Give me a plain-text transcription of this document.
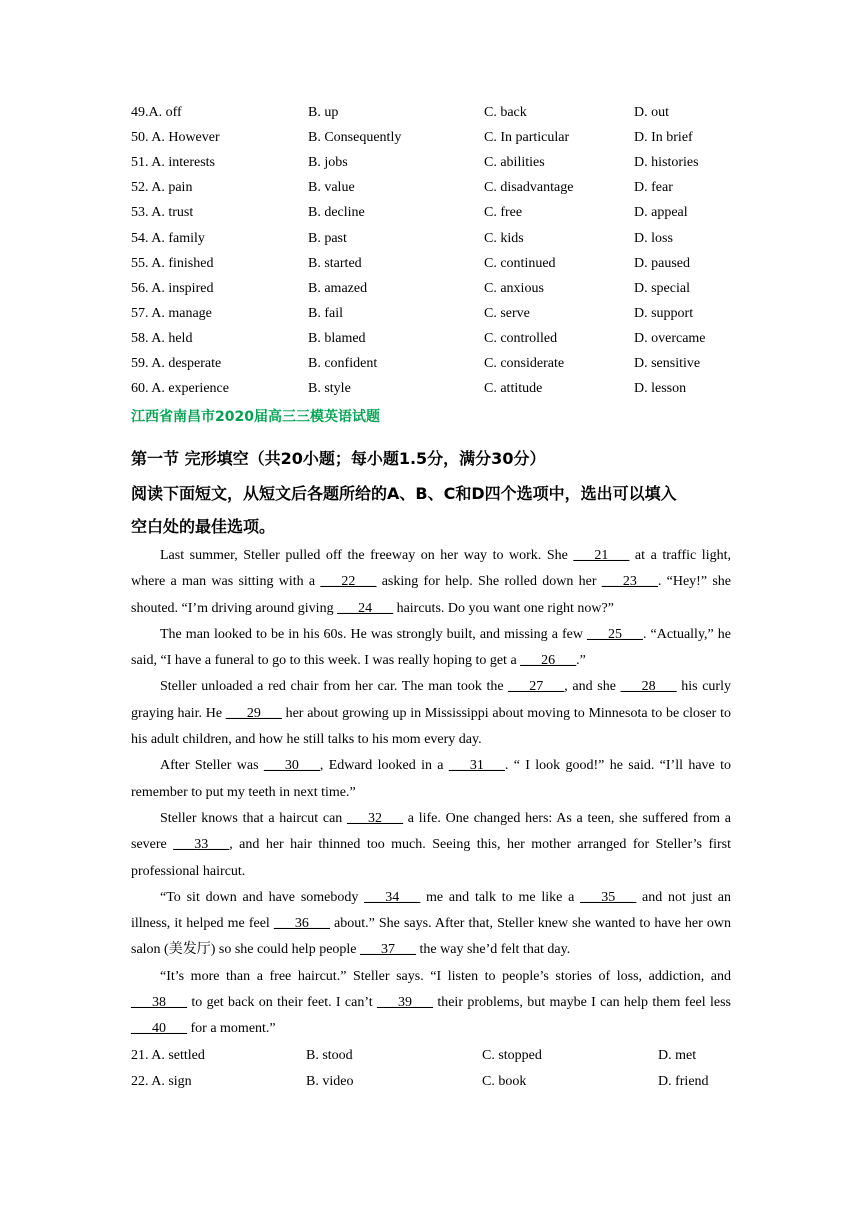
49.A. off	B. up	C. back	D. out
50. A. However	B. Consequently	C. In particular	D. In brief
51. A. interests	B. jobs	C. abilities	D. histories
52. A. pain	B. value	C. disadvantage	D. fear
53. A. trust	B. decline	C. free	D. appeal
54. A. family	B. past	C. kids	D. loss
55. A. finished	B. started	C. continued	D. paused
56. A. inspired	B. amazed	C. anxious	D. special
57. A. manage	B. fail	C. serve	D. support
58. A. held	B. blamed	C. controlled	D. overcame
59. A. desperate	B. confident	C. considerate	D. sensitive
60. A. experience	B. style	C. attitude	D. lesson
江西省南昌市2020届高三三模英语试题
第一节 完形填空（共20小题；每小题1.5分，满分30分）
阅读下面短文，从短文后各题所给的A、B、C和D四个选项中，选出可以填入
空白处的最佳选项。

Last summer, Steller pulled off the freeway on her way to work. She ___21___ at a traffic light, where a man was sitting with a ___22___ asking for help. She rolled down her ___23___. “Hey!” she shouted. “I’m driving around giving ___24___ haircuts. Do you want one right now?”

The man looked to be in his 60s. He was strongly built, and missing a few ___25___. “Actually,” he said, “I have a funeral to go to this week. I was really hoping to get a ___26___.”

Steller unloaded a red chair from her car. The man took the ___27___, and she ___28___ his curly graying hair. He ___29___ her about growing up in Mississippi about moving to Minnesota to be closer to his adult children, and how he still talks to his mom every day.

After Steller was ___30___, Edward looked in a ___31___. “ I look good!” he said. “I’ll have to remember to put my teeth in next time.”

Steller knows that a haircut can ___32___ a life. One changed hers: As a teen, she suffered from a severe ___33___, and her hair thinned too much. Seeing this, her mother arranged for Steller’s first professional haircut.

“To sit down and have somebody ___34___ me and talk to me like a ___35___ and not just an illness, it helped me feel ___36___ about.” She says. After that, Steller knew she wanted to have her own salon (美发厅) so she could help people ___37___ the way she’d felt that day.

“It’s more than a free haircut.” Steller says. “I listen to people’s stories of loss, addiction, and ___38___ to get back on their feet. I can’t ___39___ their problems, but maybe I can help them feel less ___40___ for a moment.”

21. A. settled	B. stood	C. stopped	D. met
22. A. sign	B. video	C. book	D. friend
